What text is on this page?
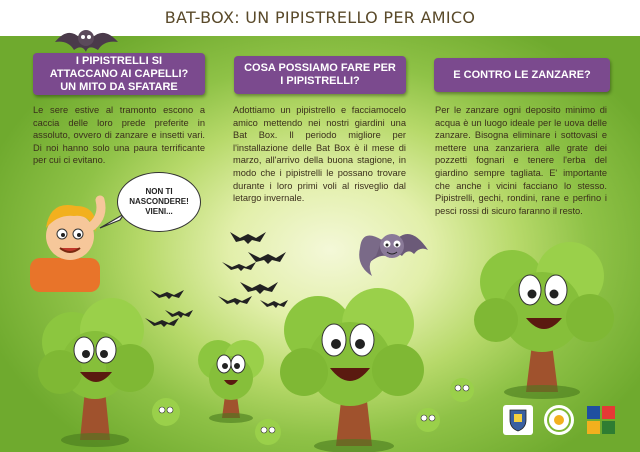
BAT-BOX: UN PIPISTRELLO PER AMICO
I PIPISTRELLI SI ATTACCANO AI CAPELLI? UN MITO DA SFATARE
COSA POSSIAMO FARE PER I PIPISTRELLI?
E CONTRO LE ZANZARE?
Le sere estive al tramonto escono a caccia delle loro prede preferite in assoluto, ovvero di zanzare e insetti vari. Di noi hanno solo una paura terrificante per cui ci evitano.
Adottiamo un pipistrello e facciamocelo amico mettendo nei nostri giardini una Bat Box. Il periodo migliore per l'installazione delle Bat Box è il mese di marzo, all'arrivo della buona stagione, in modo che i pipistrelli le possano trovare durante i loro primi voli al risveglio dal letargo invernale.
Per le zanzare ogni deposito minimo di acqua è un luogo ideale per le uova delle zanzare. Bisogna eliminare i sottovasi e mettere una zanzariera alle grate dei pozzetti fognari e tenere l'erba del giardino sempre tagliata. E' importante che anche i vicini facciano lo stesso. Pipistrelli, gechi, rondini, rane e perfino i pesci rossi di sicuro faranno il resto.
NON TI NASCONDERE! VIENI...
